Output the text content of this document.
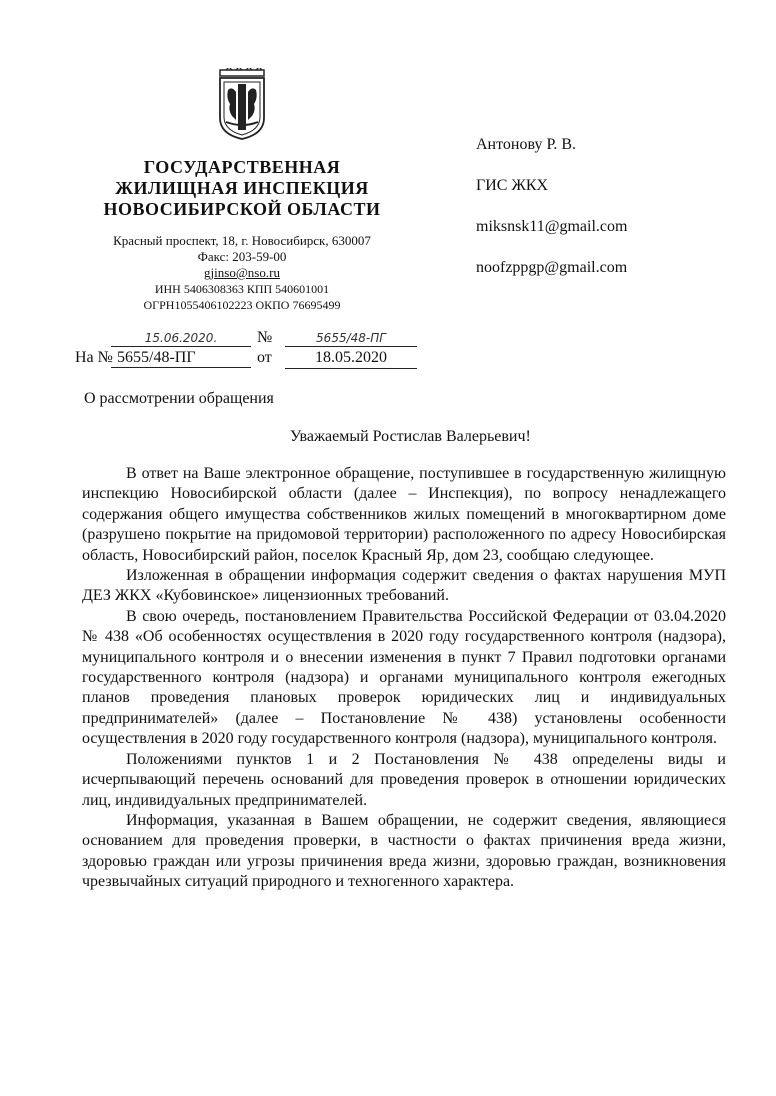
ГОСУДАРСТВЕННАЯ
ЖИЛИЩНАЯ ИНСПЕКЦИЯ
НОВОСИБИРСКОЙ ОБЛАСТИ
Красный проспект, 18, г. Новосибирск, 630007
Факс: 203-59-00
gjinso@nso.ru
ИНН 5406308363 КПП 540601001
ОГРН1055406102223 ОКПО 76695499
15.06.2020.	№	5655/48-ПГ
На № 5655/48-ПГ	от	18.05.2020
Антонову Р. В.
ГИС ЖКХ
miksnsk11@gmail.com
noofzppgp@gmail.com
О рассмотрении обращения
Уважаемый Ростислав Валерьевич!

В ответ на Ваше электронное обращение, поступившее в государственную жилищную инспекцию Новосибирской области (далее – Инспекция), по вопросу ненадлежащего содержания общего имущества собственников жилых помещений в многоквартирном доме (разрушено покрытие на придомовой территории) расположенного по адресу Новосибирская область, Новосибирский район, поселок Красный Яр, дом 23, сообщаю следующее.

Изложенная в обращении информация содержит сведения о фактах нарушения МУП ДЕЗ ЖКХ «Кубовинское» лицензионных требований.

В свою очередь, постановлением Правительства Российской Федерации от 03.04.2020 № 438 «Об особенностях осуществления в 2020 году государственного контроля (надзора), муниципального контроля и о внесении изменения в пункт 7 Правил подготовки органами государственного контроля (надзора) и органами муниципального контроля ежегодных планов проведения плановых проверок юридических лиц и индивидуальных предпринимателей» (далее – Постановление № 438) установлены особенности осуществления в 2020 году государственного контроля (надзора), муниципального контроля.

Положениями пунктов 1 и 2 Постановления № 438 определены виды и исчерпывающий перечень оснований для проведения проверок в отношении юридических лиц, индивидуальных предпринимателей.

Информация, указанная в Вашем обращении, не содержит сведения, являющиеся основанием для проведения проверки, в частности о фактах причинения вреда жизни, здоровью граждан или угрозы причинения вреда жизни, здоровью граждан, возникновения чрезвычайных ситуаций природного и техногенного характера.
